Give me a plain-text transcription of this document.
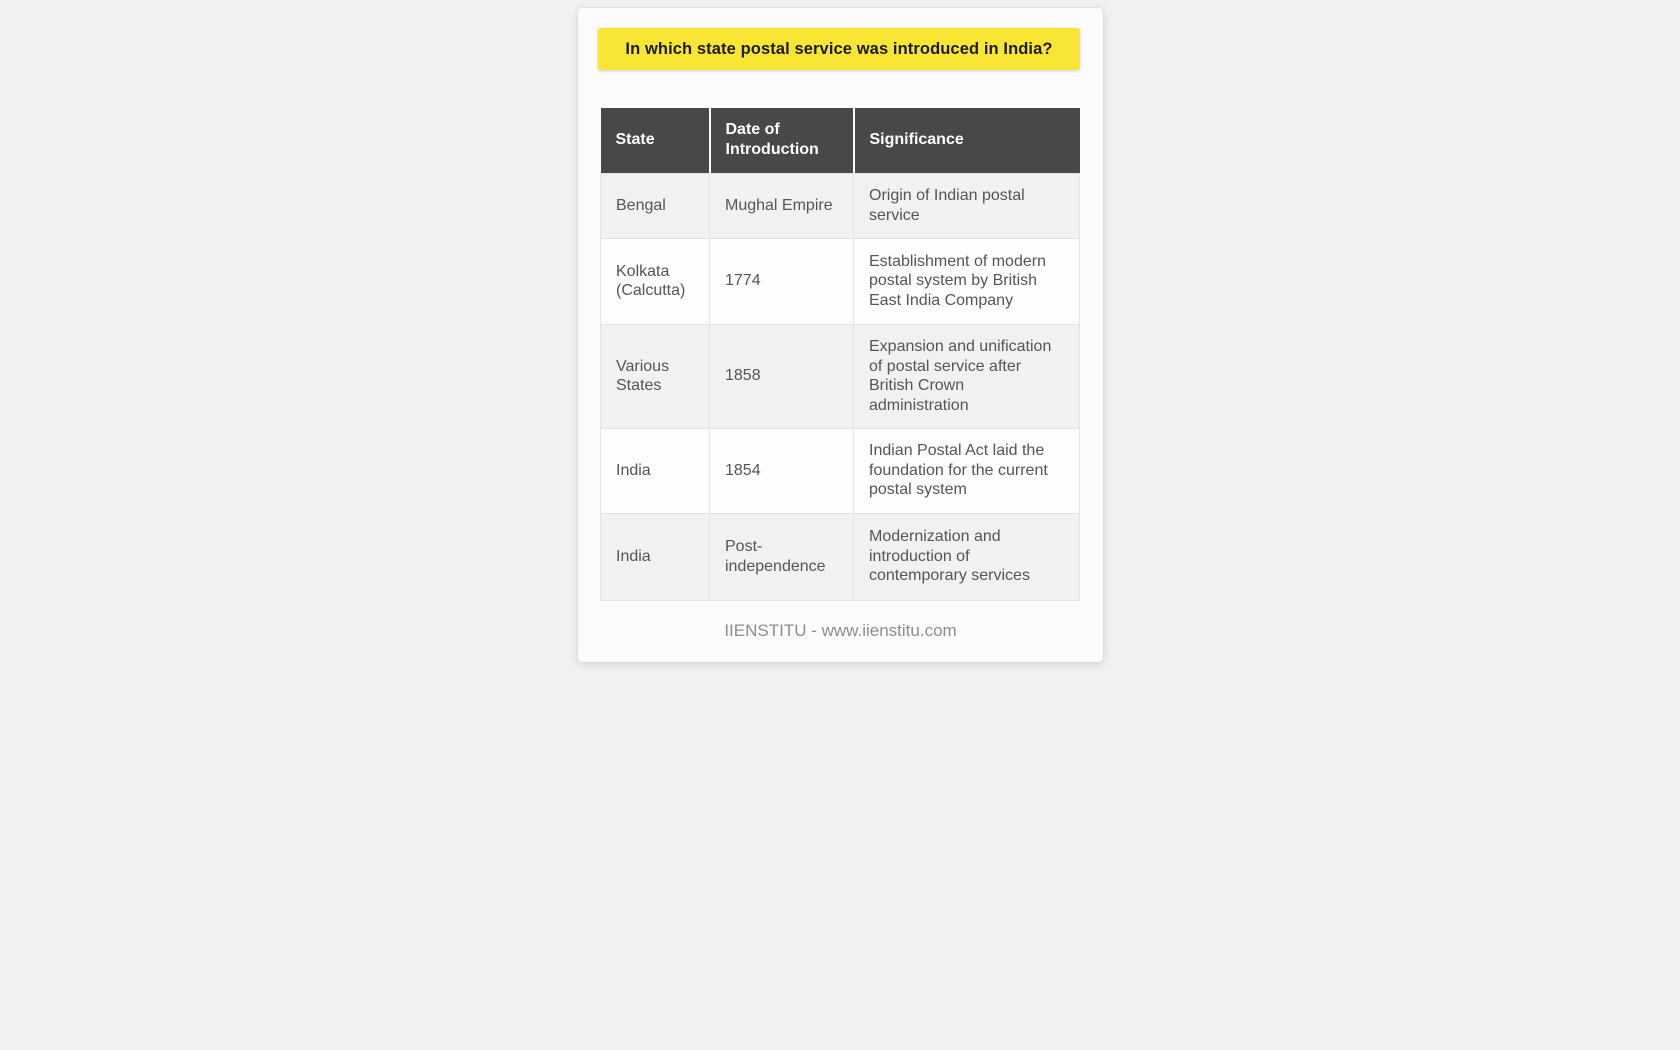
In which state postal service was introduced in India?
State	Date of Introduction	Significance
Bengal	Mughal Empire	Origin of Indian postal service
Kolkata (Calcutta)	1774	Establishment of modern postal system by British East India Company
Various States	1858	Expansion and unification of postal service after British Crown administration
India	1854	Indian Postal Act laid the foundation for the current postal system
India	Post-independence	Modernization and introduction of contemporary services
IIENSTITU - www.iienstitu.com
